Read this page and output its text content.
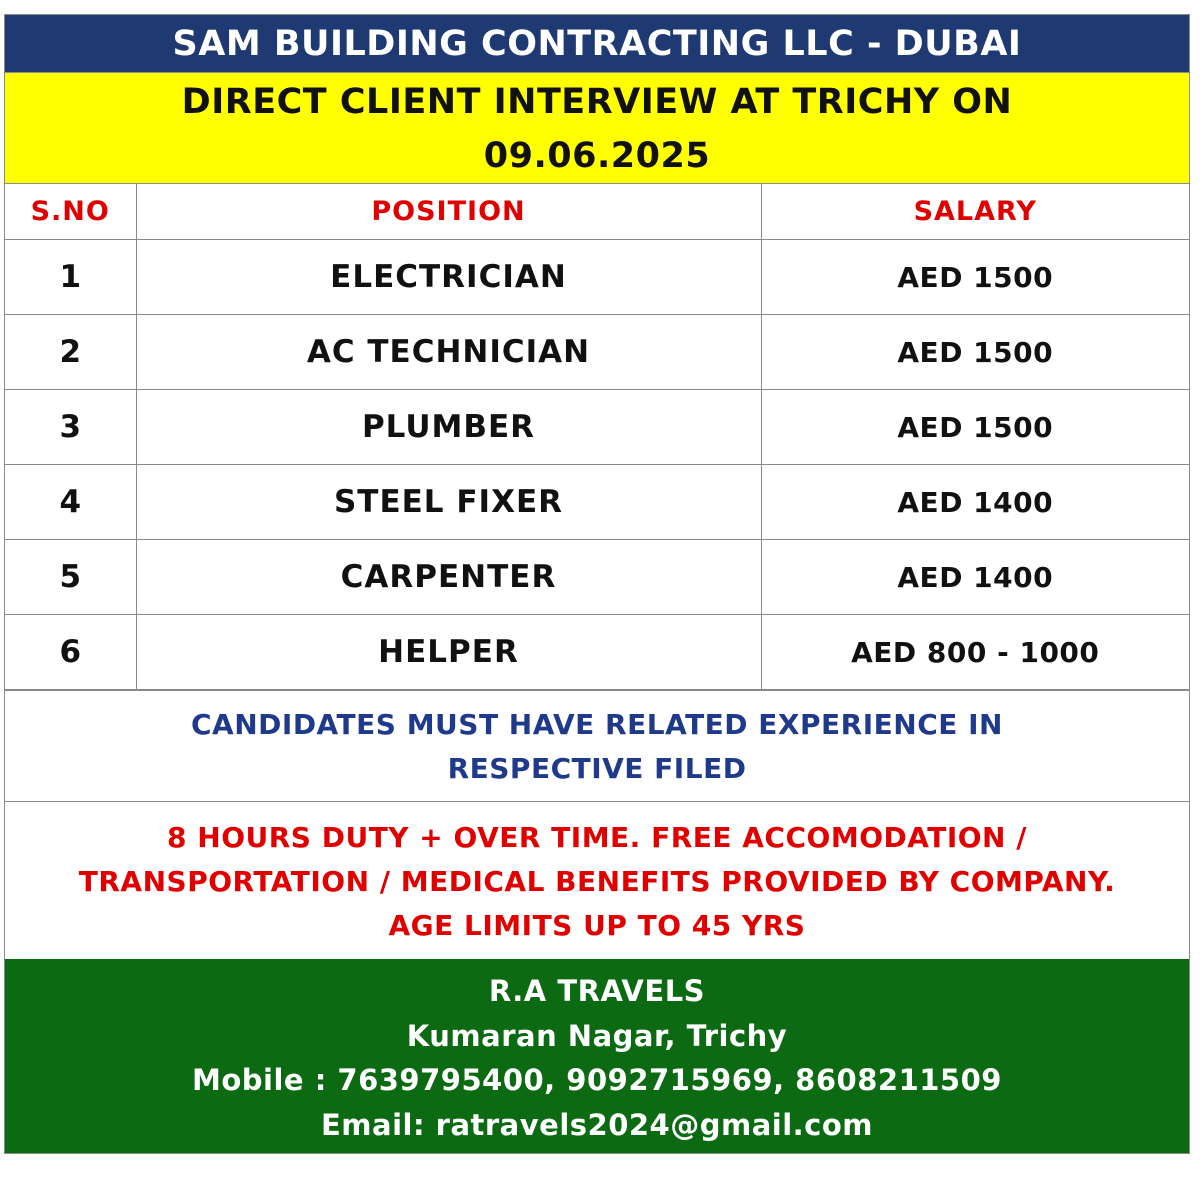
SAM BUILDING CONTRACTING LLC - DUBAI
DIRECT CLIENT INTERVIEW AT TRICHY ON 09.06.2025
S.NO	POSITION	SALARY
1	ELECTRICIAN	AED 1500
2	AC TECHNICIAN	AED 1500
3	PLUMBER	AED 1500
4	STEEL FIXER	AED 1400
5	CARPENTER	AED 1400
6	HELPER	AED 800 - 1000
CANDIDATES MUST HAVE RELATED EXPERIENCE IN RESPECTIVE FILED
8 HOURS DUTY + OVER TIME. FREE ACCOMODATION /
TRANSPORTATION / MEDICAL BENEFITS PROVIDED BY COMPANY.
AGE LIMITS UP TO 45 YRS
R.A TRAVELS
Kumaran Nagar, Trichy
Mobile : 7639795400, 9092715969, 8608211509
Email: ratravels2024@gmail.com
